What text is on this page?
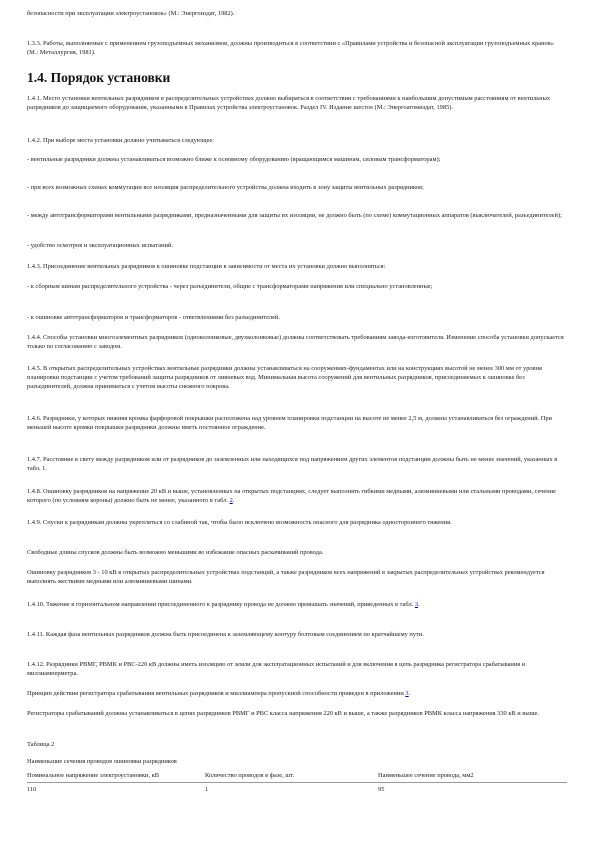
безопасности при эксплуатации электроустановок» (М.: Энергоиздат, 1982).

1.3.3. Работы, выполняемые с применением грузоподъемных механизмов, должны производиться в соответствии с «Правилами устройства и безопасной эксплуатации грузоподъемных кранов» (М.: Металлургия, 1981).

1.4. Порядок установки

1.4.1. Место установки вентильных разрядников в распределительных устройствах должно выбираться в соответствии с требованиями к наибольшим допустимым расстояниям от вентильных разрядников до защищаемого оборудования, указанными в Правилах устройства электроустановок. Раздел IV. Издание шестое (М.: Энергоатомиздат, 1985).

1.4.2. При выборе места установки должно учитываться следующее:

- вентильные разрядники должны устанавливаться возможно ближе к основному оборудованию (вращающимся машинам, силовым трансформаторам);

- при всех возможных схемах коммутации все изоляция распределительного устройства должна входить в зону защиты вентильных разрядников;

- между автотрансформаторами вентильными разрядниками, предназначенными для защиты их изоляции, не должно быть (по схеме) коммутационных аппаратов (выключателей, разъединителей);

- удобство осмотров и эксплуатационных испытаний.

1.4.3. Присоединение вентильных разрядников к ошиновке подстанции в зависимости от места их установки должно выполняться:

- к сборным шинам распределительного устройства - через разъединители, общие с трансформаторами напряжения или специально установленные;

- к ошиновке автотрансформаторов и трансформаторов - ответвлениями без разъединителей.

1.4.4. Способы установки многоэлементных разрядников (одноколонковые, двухколонковые) должны соответствовать требованиям завода-изготовителя. Изменение способа установки допускается только по согласованию с заводом.

1.4.5. В открытых распределительных устройствах вентильные разрядники должны устанавливаться на сооружениях-фундаментах или на конструкциях высотой не менее 300 мм от уровня планировки подстанции с учетом требований защиты разрядников от ливневых вод. Минимальная высота сооружений для вентильных разрядников, присоединяемых к ошиновке без разъединителей, должна приниматься с учетом высоты снежного покрова.

1.4.6. Разрядники, у которых нижняя кромка фарфоровой покрышки расположена над уровнем планировки подстанции на высоте не менее 2,5 м, должны устанавливаться без ограждений. При меньшей высоте кромки покрышки разрядники должны иметь постоянное ограждение.

1.4.7. Расстояние в свету между разрядником или от разрядников до заземленных или находящихся под напряжением других элементов подстанции должны быть не менее значений, указанных в табл. 1.

1.4.8. Ошиновку разрядников на напряжение 20 кВ и выше, установленных на открытых подстанциях, следует выполнять гибкими медными, алюминиевыми или стальными проводами, сечение которого (по условиям короны) должно быть не менее, указанного в табл. 2.

1.4.9. Спуски к разрядникам должны укрепляться со слабиной так, чтобы было исключено возможность опасного для разрядника одностороннего тяжения.

Свободные длины спусков должны быть возможно меньшими во избежание опасных раскачиваний провода.

Ошиновку разрядников 3 - 10 кВ в открытых распределительных устройствах подстанций, а также разрядников всех напряжений в закрытых распределительных устройствах рекомендуется выполнять жесткими медными или алюминиевыми шинами.

1.4.10. Тяжение в горизонтальном направлении присоединенного к разряднику провода не должно превышать значений, приведенных в табл. 3.

1.4.11. Каждая фаза вентильных разрядников должна быть присоединена к заземляющему контуру болтовым соединением по кратчайшему пути.

1.4.12. Разрядники РВМГ, РВМК и РВС-220 кВ должны иметь изоляцию от земли для эксплуатационных испытаний и для включения в цепь разрядника регистратора срабатывания и миллиамперметра.

Принцип действия регистратора срабатывания вентильных разрядников и миллиампера пропускной способности приведен в приложении 3.

Регистраторы срабатываний должны устанавливаться в цепях разрядников РВМГ и РВС класса напряжения 220 кВ и выше, а также разрядников РВМК класса напряжения 330 кВ и выше.

Таблица 2

Наименьшие сечения проводов ошиновки разрядников

Номинальное напряжение электроустановки, кВ	Количество проводов в фазе, шт.	Наименьшее сечение провода, мм2
110	1	95
